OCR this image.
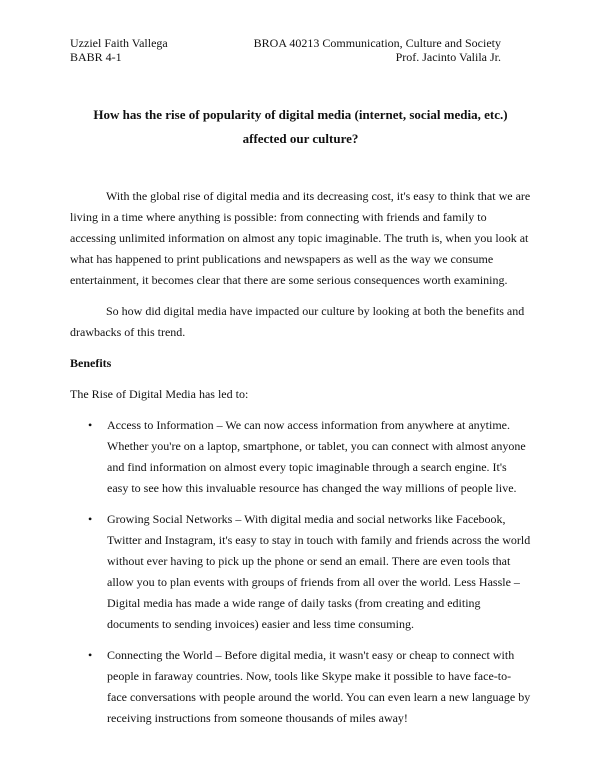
Uzziel Faith Vallega	BROA 40213 Communication, Culture and Society
BABR 4-1	Prof. Jacinto Valila Jr.
How has the rise of popularity of digital media (internet, social media, etc.) affected our culture?

With the global rise of digital media and its decreasing cost, it's easy to think that we are living in a time where anything is possible: from connecting with friends and family to accessing unlimited information on almost any topic imaginable. The truth is, when you look at what has happened to print publications and newspapers as well as the way we consume entertainment, it becomes clear that there are some serious consequences worth examining.

So how did digital media have impacted our culture by looking at both the benefits and drawbacks of this trend.

Benefits

The Rise of Digital Media has led to:

• Access to Information – We can now access information from anywhere at anytime. Whether you're on a laptop, smartphone, or tablet, you can connect with almost anyone and find information on almost every topic imaginable through a search engine. It's easy to see how this invaluable resource has changed the way millions of people live.
• Growing Social Networks – With digital media and social networks like Facebook, Twitter and Instagram, it's easy to stay in touch with family and friends across the world without ever having to pick up the phone or send an email. There are even tools that allow you to plan events with groups of friends from all over the world. Less Hassle – Digital media has made a wide range of daily tasks (from creating and editing documents to sending invoices) easier and less time consuming.
• Connecting the World – Before digital media, it wasn't easy or cheap to connect with people in faraway countries. Now, tools like Skype make it possible to have face-to-face conversations with people around the world. You can even learn a new language by receiving instructions from someone thousands of miles away!
